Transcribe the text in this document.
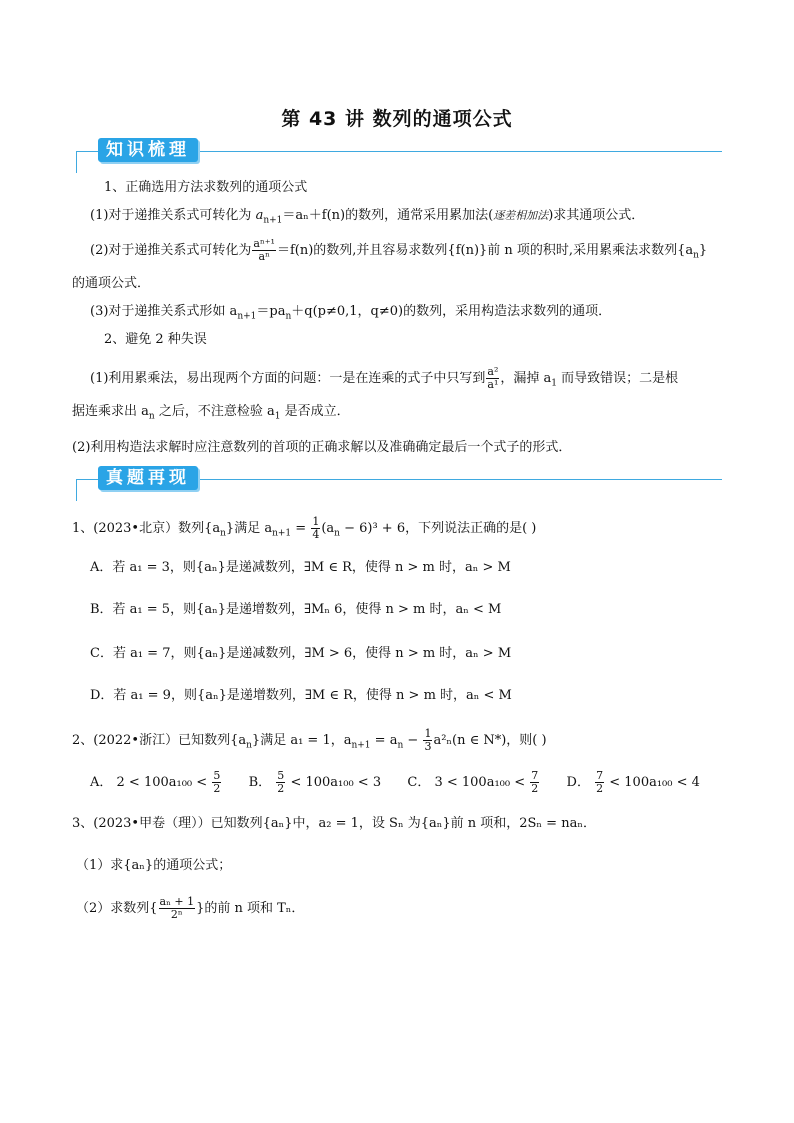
第 43 讲 数列的通项公式
知识梳理
1、正确选用方法求数列的通项公式
(1)对于递推关系式可转化为 $a_{n+1}=a_n+f(n)$的数列，通常采用累加法(逐差相加法)求其通项公式．
(2)对于递推关系式可转化为 $\frac{\text{aⁿ⁺¹}}{\text{aⁿ}} =f(n)$的数列,并且容易求数列{f(n)}前 n 项的积时,采用累乘法求数列$\{a_n\}$
的通项公式．
(3)对于递推关系式形如 $a_{n+1}=pa_n+q(p\ne 0,1$，q≠0)的数列，采用构造法求数列的通项．
2、避免 2 种失误
(1)利用累乘法，易出现两个方面的问题：一是在连乘的式子中只写到 $\frac{\text{a²}}{\text{a¹}}$ ，漏掉 $a_1$ 而导致错误；二是根
据连乘求出 $a_n$ 之后，不注意检验 $a_1$ 是否成立．
(2)利用构造法求解时应注意数列的首项的正确求解以及准确确定最后一个式子的形式．
真题再现
1、(2023•北京）数列$\{a_n\}$满足 $a_{n+1} = \frac{1}{4} (a_n - 6)^3 + 6$，下列说法正确的是( )
A．若 a₁ = 3，则{aₙ}是递减数列，∃M ∈ R，使得 n > m 时，aₙ > M
B．若 a₁ = 5，则{aₙ}是递增数列，∃Mₙ 6，使得 n > m 时，aₙ < M
C．若 a₁ = 7，则{aₙ}是递减数列，∃M > 6，使得 n > m 时，aₙ > M
D．若 a₁ = 9，则{aₙ}是递增数列，∃M ∈ R，使得 n > m 时，aₙ < M
2、(2022•浙江）已知数列$\{a_n\}$满足 a₁ = 1，$a_{n+1} = a_n - \frac{1}{3} a^2_n(n$ ∈ N*)，则( )
A． $2 < 100a_{100} < \frac{5}{2}$ B． $\frac{5}{2} < 100a_{100} < 3$ C． $3 < 100a_{100} < \frac{7}{2}$ D． $\frac{7}{2} < 100a_{100} < 4$
3、(2023•甲卷（理））已知数列{aₙ}中，a₂ = 1，设 Sₙ 为{aₙ}前 n 项和，2Sₙ = naₙ．
（1）求{aₙ}的通项公式；
（2）求数列{ $\frac{\text{aₙ + 1}}{\text{2ⁿ}}$ }的前 n 项和 Tₙ．
